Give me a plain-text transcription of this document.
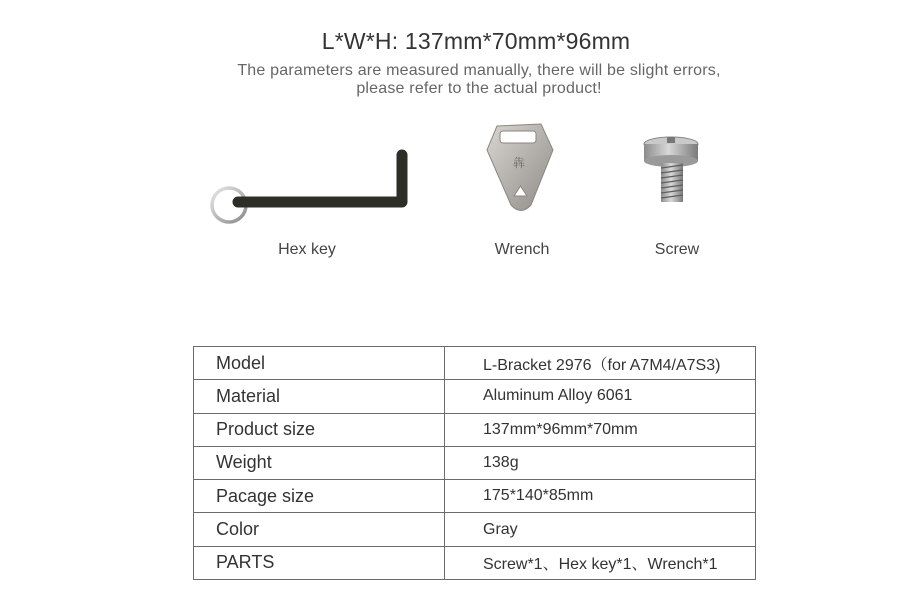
L*W*H: 137mm*70mm*96mm
The parameters are measured manually, there will be slight errors,
please refer to the actual product!
Hex key
犇
Wrench	Screw
Model	L-Bracket 2976（for A7M4/A7S3)
Material	Aluminum Alloy 6061
Product size	137mm*96mm*70mm
Weight	138g
Pacage size	175*140*85mm
Color	Gray
PARTS	Screw*1、Hex key*1、Wrench*1
